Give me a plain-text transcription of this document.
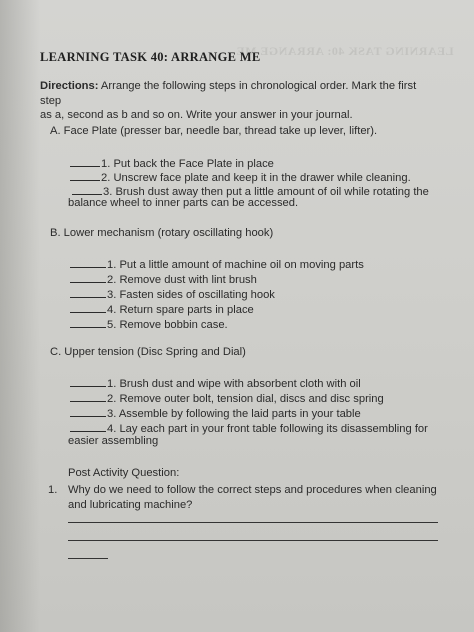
LEARNING TASK 40: ARRANGE ME
LEARNING TASK 40: ARRANGE ME
Directions: Arrange the following steps in chronological order. Mark the first step
as a, second as b and so on. Write your answer in your journal.
A. Face Plate (presser bar, needle bar, thread take up lever, lifter).
1. Put back the Face Plate in place
2. Unscrew face plate and keep it in the drawer while cleaning.
3. Brush dust away then put a little amount of oil while rotating the
balance wheel to inner parts can be accessed.
B. Lower mechanism (rotary oscillating hook)
1. Put a little amount of machine oil on moving parts
2. Remove dust with lint brush
3. Fasten sides of oscillating hook
4. Return spare parts in place
5. Remove bobbin case.
C. Upper tension (Disc Spring and Dial)
1. Brush dust and wipe with absorbent cloth with oil
2. Remove outer bolt, tension dial, discs and disc spring
3. Assemble by following the laid parts in your table
4. Lay each part in your front table following its disassembling for
easier assembling
Post Activity Question:
1. Why do we need to follow the correct steps and procedures when cleaning
and lubricating machine?
